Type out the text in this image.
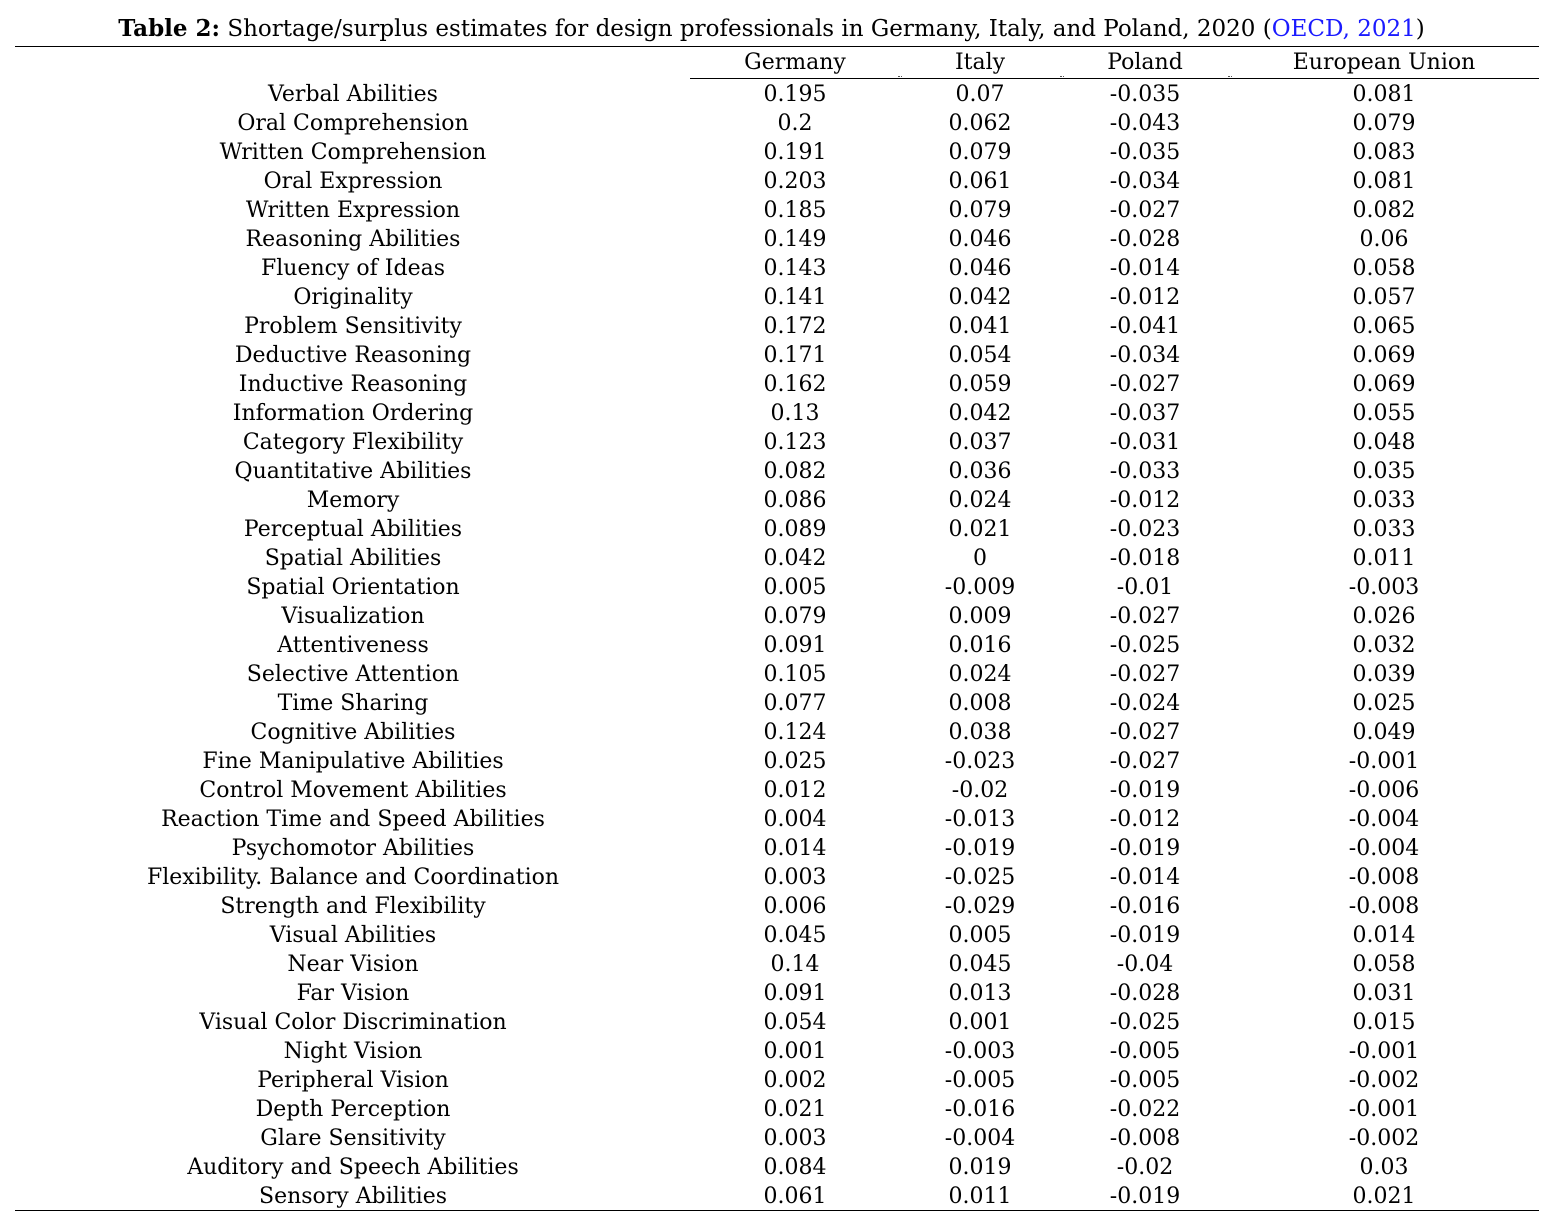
Table 2: Shortage/surplus estimates for design professionals in Germany, Italy, and Poland, 2020 (OECD, 2021)
Germany	Italy	Poland	European Union
Verbal Abilities	0.195	0.07	-0.035	0.081
Oral Comprehension	0.2	0.062	-0.043	0.079
Written Comprehension	0.191	0.079	-0.035	0.083
Oral Expression	0.203	0.061	-0.034	0.081
Written Expression	0.185	0.079	-0.027	0.082
Reasoning Abilities	0.149	0.046	-0.028	0.06
Fluency of Ideas	0.143	0.046	-0.014	0.058
Originality	0.141	0.042	-0.012	0.057
Problem Sensitivity	0.172	0.041	-0.041	0.065
Deductive Reasoning	0.171	0.054	-0.034	0.069
Inductive Reasoning	0.162	0.059	-0.027	0.069
Information Ordering	0.13	0.042	-0.037	0.055
Category Flexibility	0.123	0.037	-0.031	0.048
Quantitative Abilities	0.082	0.036	-0.033	0.035
Memory	0.086	0.024	-0.012	0.033
Perceptual Abilities	0.089	0.021	-0.023	0.033
Spatial Abilities	0.042	0	-0.018	0.011
Spatial Orientation	0.005	-0.009	-0.01	-0.003
Visualization	0.079	0.009	-0.027	0.026
Attentiveness	0.091	0.016	-0.025	0.032
Selective Attention	0.105	0.024	-0.027	0.039
Time Sharing	0.077	0.008	-0.024	0.025
Cognitive Abilities	0.124	0.038	-0.027	0.049
Fine Manipulative Abilities	0.025	-0.023	-0.027	-0.001
Control Movement Abilities	0.012	-0.02	-0.019	-0.006
Reaction Time and Speed Abilities	0.004	-0.013	-0.012	-0.004
Psychomotor Abilities	0.014	-0.019	-0.019	-0.004
Flexibility. Balance and Coordination	0.003	-0.025	-0.014	-0.008
Strength and Flexibility	0.006	-0.029	-0.016	-0.008
Visual Abilities	0.045	0.005	-0.019	0.014
Near Vision	0.14	0.045	-0.04	0.058
Far Vision	0.091	0.013	-0.028	0.031
Visual Color Discrimination	0.054	0.001	-0.025	0.015
Night Vision	0.001	-0.003	-0.005	-0.001
Peripheral Vision	0.002	-0.005	-0.005	-0.002
Depth Perception	0.021	-0.016	-0.022	-0.001
Glare Sensitivity	0.003	-0.004	-0.008	-0.002
Auditory and Speech Abilities	0.084	0.019	-0.02	0.03
Sensory Abilities	0.061	0.011	-0.019	0.021
